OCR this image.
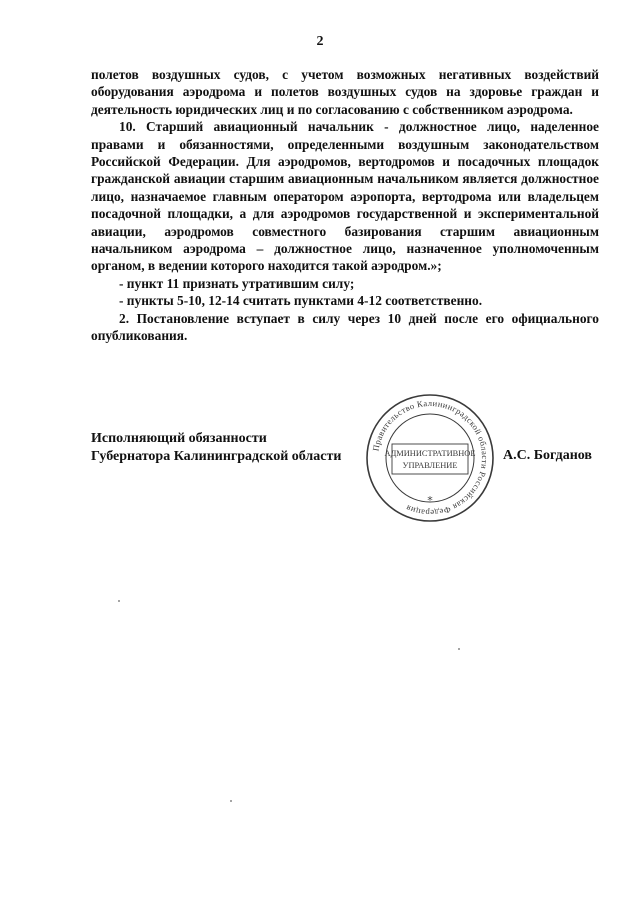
2

полетов воздушных судов, с учетом возможных негативных воздействий оборудования аэродрома и полетов воздушных судов на здоровье граждан и деятельность юридических лиц и по согласованию с собственником аэродрома.

10. Старший авиационный начальник - должностное лицо, наделенное правами и обязанностями, определенными воздушным законодательством Российской Федерации. Для аэродромов, вертодромов и посадочных площадок гражданской авиации старшим авиационным начальником является должностное лицо, назначаемое главным оператором аэропорта, вертодрома или владельцем посадочной площадки, а для аэродромов государственной и экспериментальной авиации, аэродромов совместного базирования старшим авиационным начальником аэродрома – должностное лицо, назначенное уполномоченным органом, в ведении которого находится такой аэродром.»;

- пункт 11 признать утратившим силу;

- пункты 5-10, 12-14 считать пунктами 4-12 соответственно.

2. Постановление вступает в силу через 10 дней после его официального опубликования.

Исполняющий обязанности
Губернатора Калининградской области
Правительство Калининградской области Российская Федерация
АДМИНИСТРАТИВНОЕ
УПРАВЛЕНИЕ
*
А.С. Богданов
